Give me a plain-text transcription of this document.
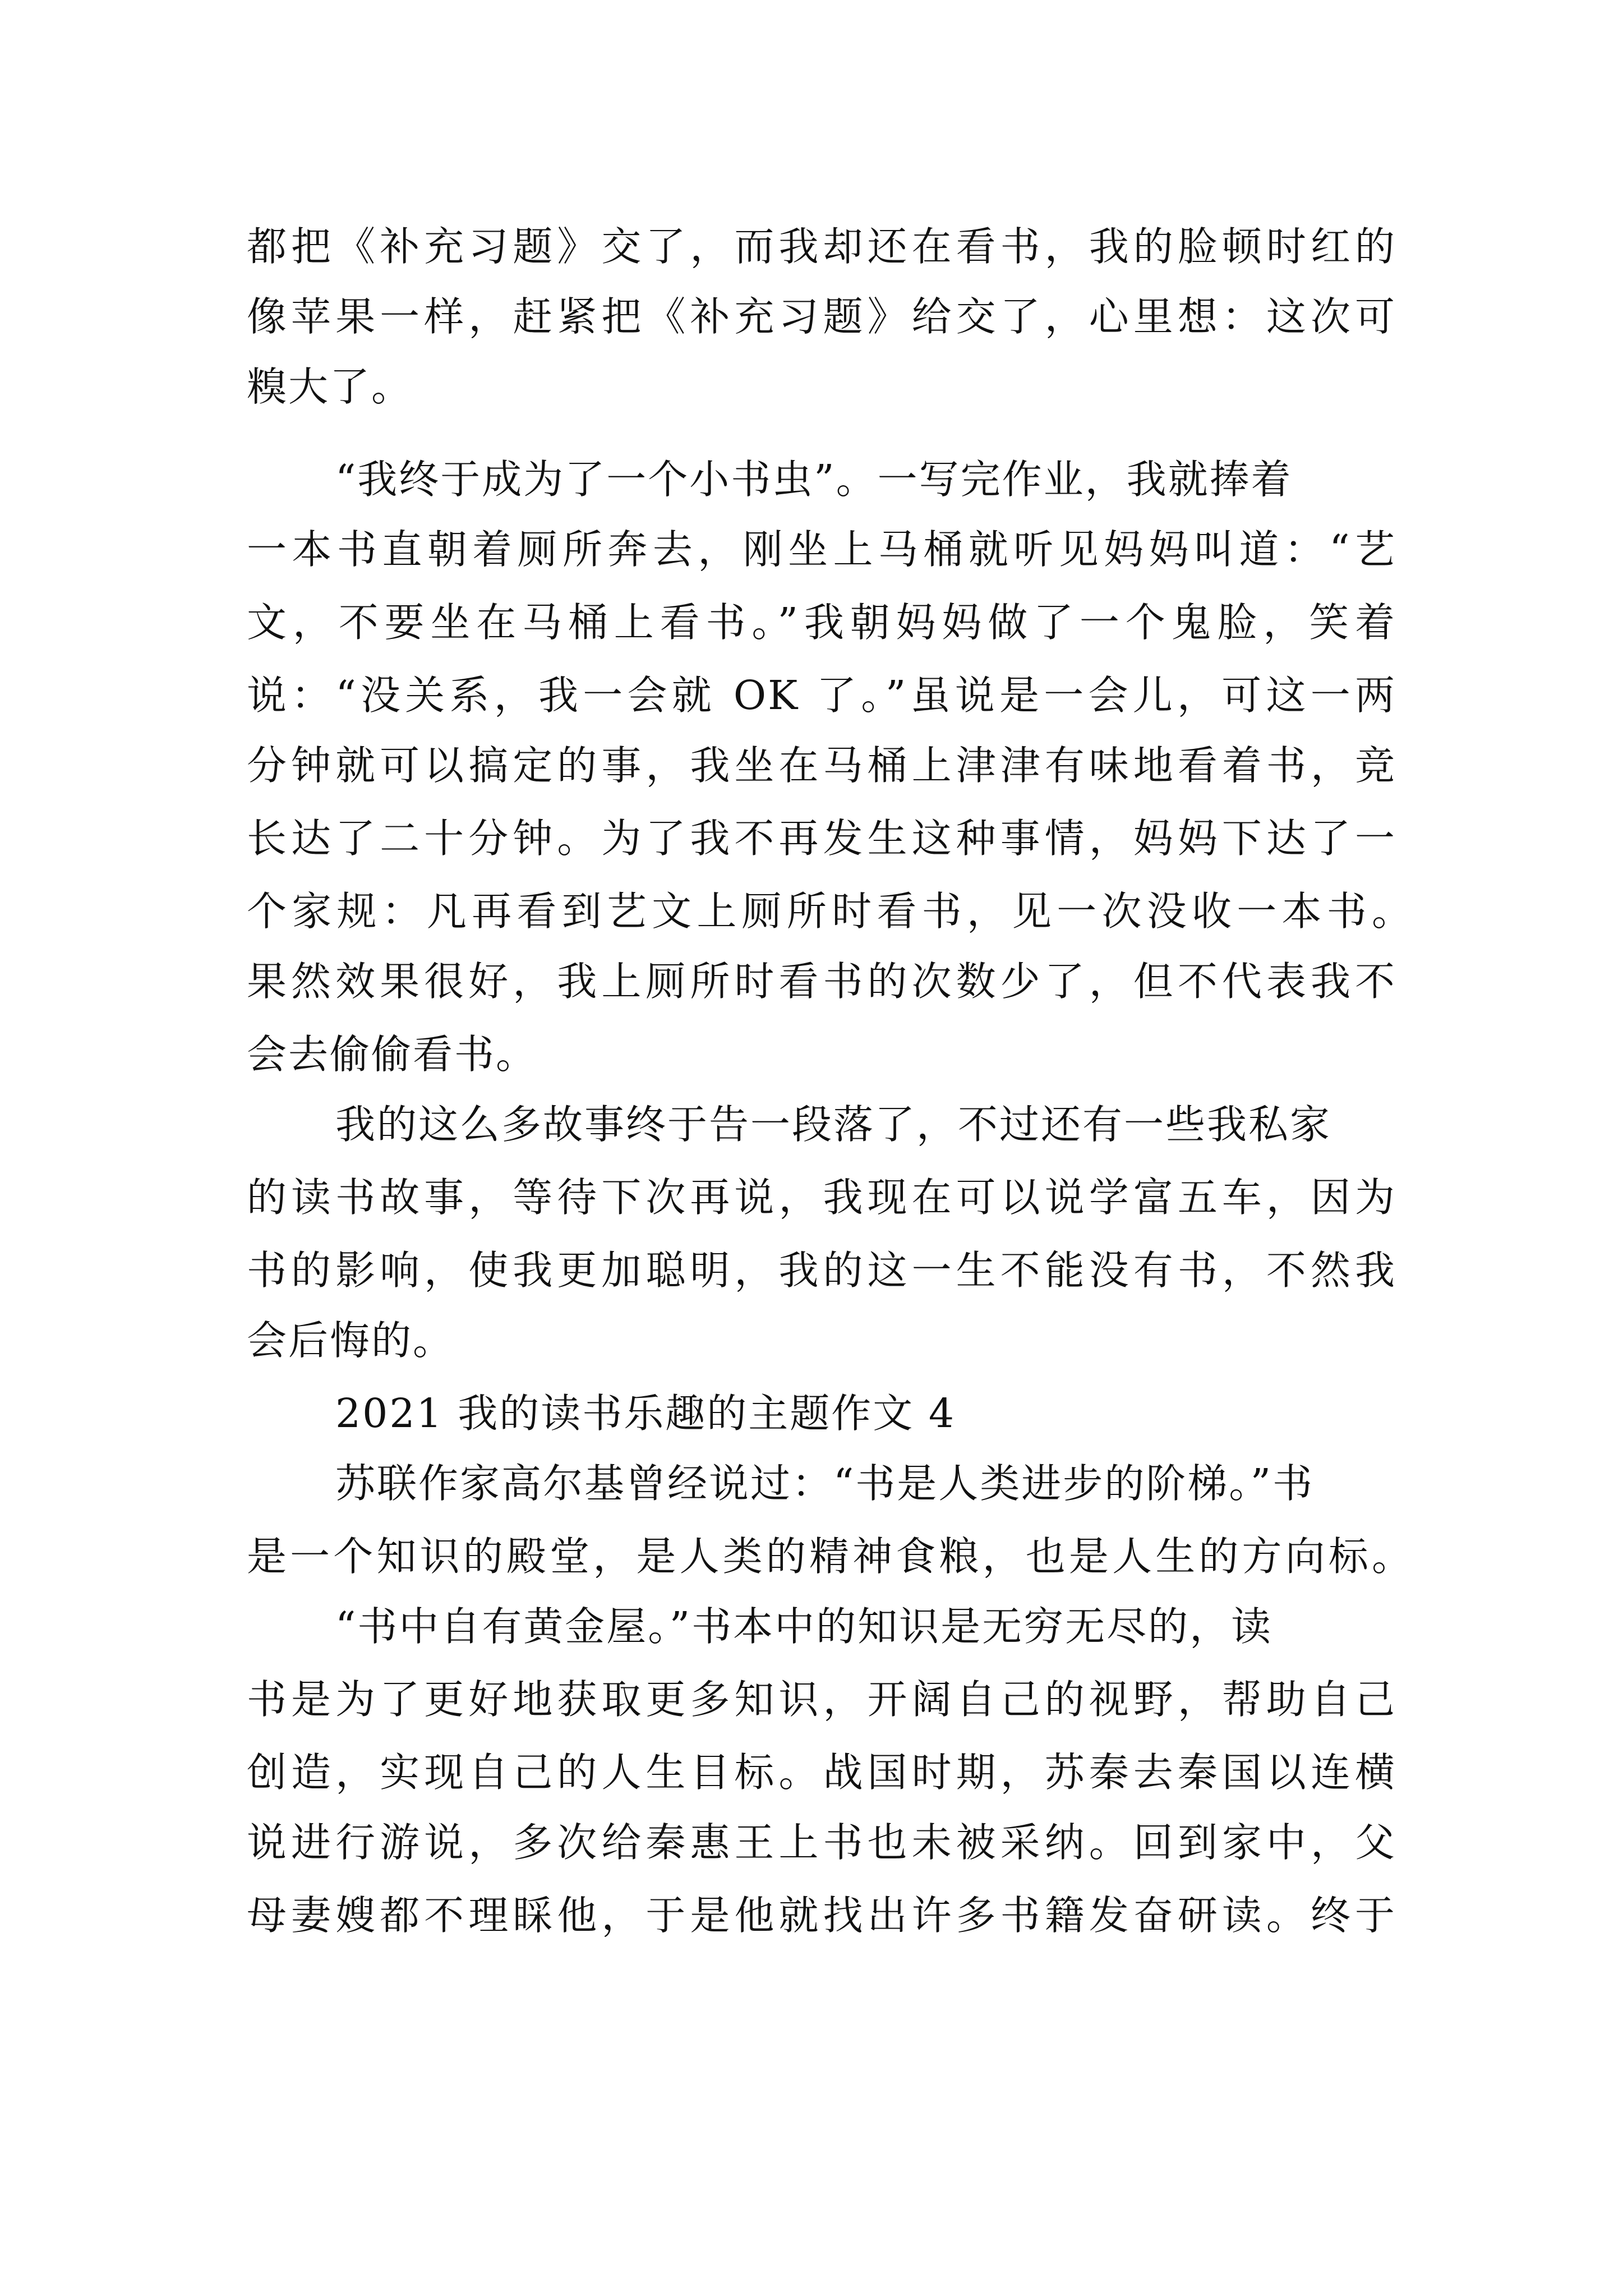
都把《补充习题》交了，而我却还在看书，我的脸顿时红的
像苹果一样，赶紧把《补充习题》给交了，心里想：这次可
糗大了。
“我终于成为了一个小书虫”。一写完作业，我就捧着
一本书直朝着厕所奔去，刚坐上马桶就听见妈妈叫道：“艺
文，不要坐在马桶上看书。”我朝妈妈做了一个鬼脸，笑着
说：“没关系，我一会就 OK 了。”虽说是一会儿，可这一两
分钟就可以搞定的事，我坐在马桶上津津有味地看着书，竞
长达了二十分钟。为了我不再发生这种事情，妈妈下达了一
个家规：凡再看到艺文上厕所时看书，见一次没收一本书。
果然效果很好，我上厕所时看书的次数少了，但不代表我不
会去偷偷看书。
我的这么多故事终于告一段落了，不过还有一些我私家
的读书故事，等待下次再说，我现在可以说学富五车，因为
书的影响，使我更加聪明，我的这一生不能没有书，不然我
会后悔的。
2021 我的读书乐趣的主题作文 4
苏联作家高尔基曾经说过：“书是人类进步的阶梯。”书
是一个知识的殿堂，是人类的精神食粮，也是人生的方向标。
“书中自有黄金屋。”书本中的知识是无穷无尽的，读
书是为了更好地获取更多知识，开阔自己的视野，帮助自己
创造，实现自己的人生目标。战国时期，苏秦去秦国以连横
说进行游说，多次给秦惠王上书也未被采纳。回到家中，父
母妻嫂都不理睬他，于是他就找出许多书籍发奋研读。终于
